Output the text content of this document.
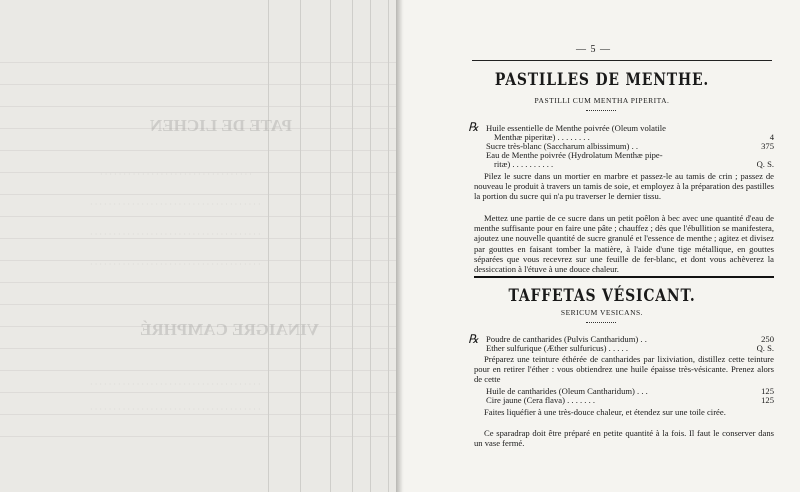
PATE DE LICHEN
· · · · · · · · · · · · · · · · · · · · · · · · · · · · · · · · ·
· · · · · · · · · · · · · · · · · · · · · · · · · · · · · · · · · · · · ·
· · · · · · · · · · · · · · · · · · · · · · · · · · · · · · · · · · · · ·
· · · · · · · · · · · · · · · · · · · · · · · · · · · · · · · · · · · · ·
VINAIGRE CAMPHRÉ
· · · · · · · · · · · · · · · · · · · · · · · · · · · · · · · · · · · · ·
· · · · · · · · · · · · · · · · · · · · · · · · · · · · · · · · · · · · ·
— 5 —
PASTILLES DE MENTHE.
PASTILLI CUM MENTHA PIPERITA.
℞ Huile essentielle de Menthe poivrée (Oleum volatile
Menthæ piperitæ) . . . . . . . .	4
Sucre très-blanc (Saccharum albissimum) . .	375
Eau de Menthe poivrée (Hydrolatum Menthæ pipe-
ritæ) . . . . . . . . . .	Q. S.
Pilez le sucre dans un mortier en marbre et passez-le au tamis de crin ; passez de nouveau le produit à travers un tamis de soie, et employez à la préparation des pastilles la portion du sucre qui n'a pu traverser le dernier tissu.
Mettez une partie de ce sucre dans un petit poêlon à bec avec une quantité d'eau de menthe suffisante pour en faire une pâte ; chauffez ; dès que l'ébullition se manifestera, ajoutez une nouvelle quantité de sucre granulé et l'essence de menthe ; agitez et divisez par gouttes en faisant tomber la matière, à l'aide d'une tige métallique, en gouttes séparées que vous recevrez sur une feuille de fer-blanc, et dont vous achèverez la dessiccation à l'étuve à une douce chaleur.
TAFFETAS VÉSICANT.
SERICUM VESICANS.
℞ Poudre de cantharides (Pulvis Cantharidum) . .	250
Ether sulfurique (Æther sulfuricus) . . . . .	Q. S.
Préparez une teinture éthérée de cantharides par lixiviation, distillez cette teinture pour en retirer l'éther : vous obtiendrez une huile épaisse très-vésicante. Prenez alors de cette
Huile de cantharides (Oleum Cantharidum) . . .	125
Cire jaune (Cera flava) . . . . . . .	125
Faites liquéfier à une très-douce chaleur, et étendez sur une toile cirée.
Ce sparadrap doit être préparé en petite quantité à la fois. Il faut le conserver dans un vase fermé.
